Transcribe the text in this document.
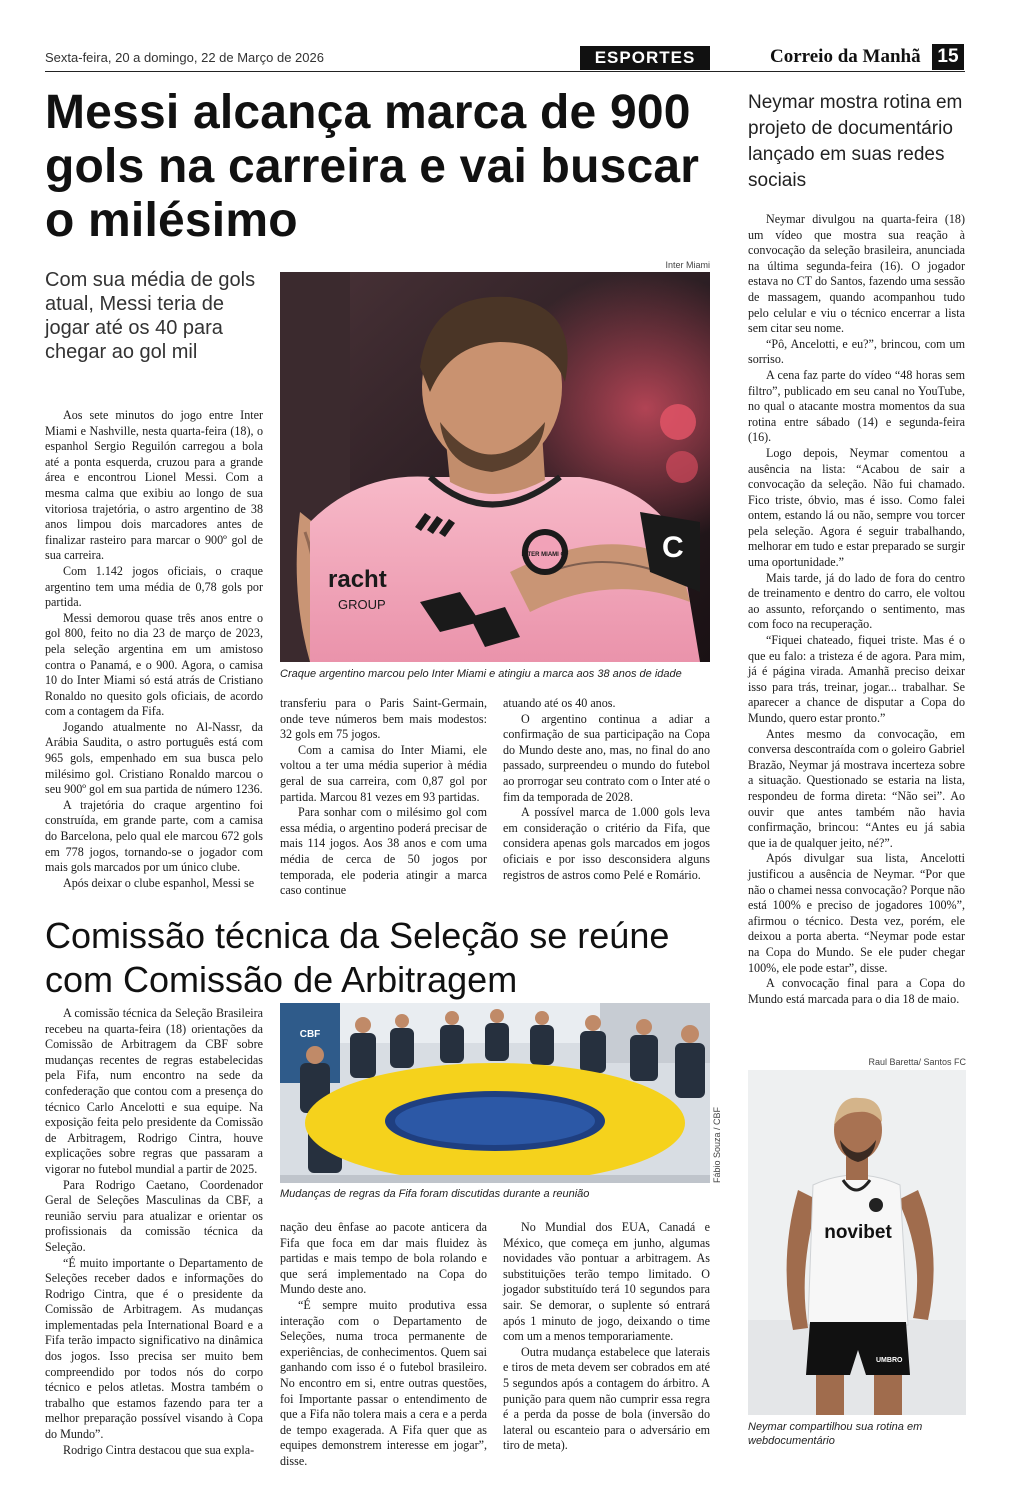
Sexta-feira, 20 a domingo, 22 de Março de 2026	ESPORTES	Correio da Manhã 15
Messi alcança marca de 900 gols na carreira e vai buscar o milésimo
Com sua média de gols atual, Messi teria de jogar até os 40 para chegar ao gol mil

Aos sete minutos do jogo entre Inter Miami e Nashville, nesta quarta-feira (18), o espanhol Sergio Reguilón carregou a bola até a ponta esquerda, cruzou para a grande área e encontrou Lionel Messi. Com a mesma calma que exibiu ao longo de sua vitoriosa trajetória, o astro argentino de 38 anos limpou dois marcadores antes de finalizar rasteiro para marcar o 900º gol de sua carreira.

Com 1.142 jogos oficiais, o craque argentino tem uma média de 0,78 gols por partida.

Messi demorou quase três anos entre o gol 800, feito no dia 23 de março de 2023, pela seleção argentina em um amistoso contra o Panamá, e o 900. Agora, o camisa 10 do Inter Miami só está atrás de Cristiano Ronaldo no quesito gols oficiais, de acordo com a contagem da Fifa.

Jogando atualmente no Al-Nassr, da Arábia Saudita, o astro português está com 965 gols, empenhado em sua busca pelo milésimo gol. Cristiano Ronaldo marcou o seu 900º gol em sua partida de número 1236.

A trajetória do craque argentino foi construída, em grande parte, com a camisa do Barcelona, pelo qual ele marcou 672 gols em 778 jogos, tornando-se o jogador com mais gols marcados por um único clube.

Após deixar o clube espanhol, Messi se

Inter Miami
C
INTER MIAMI CF
racht
GROUP
Craque argentino marcou pelo Inter Miami e atingiu a marca aos 38 anos de idade

transferiu para o Paris Saint-Germain, onde teve números bem mais modestos: 32 gols em 75 jogos.

Com a camisa do Inter Miami, ele voltou a ter uma média superior à média geral de sua carreira, com 0,87 gol por partida. Marcou 81 vezes em 93 partidas.

Para sonhar com o milésimo gol com essa média, o argentino poderá precisar de mais 114 jogos. Aos 38 anos e com uma média de cerca de 50 jogos por temporada, ele poderia atingir a marca caso continue

atuando até os 40 anos.

O argentino continua a adiar a confirmação de sua participação na Copa do Mundo deste ano, mas, no final do ano passado, surpreendeu o mundo do futebol ao prorrogar seu contrato com o Inter até o fim da temporada de 2028.

A possível marca de 1.000 gols leva em consideração o critério da Fifa, que considera apenas gols marcados em jogos oficiais e por isso desconsidera alguns registros de astros como Pelé e Romário.

Comissão técnica da Seleção se reúne com Comissão de Arbitragem

A comissão técnica da Seleção Brasileira recebeu na quarta-feira (18) orientações da Comissão de Arbitragem da CBF sobre mudanças recentes de regras estabelecidas pela Fifa, num encontro na sede da confederação que contou com a presença do técnico Carlo Ancelotti e sua equipe. Na exposição feita pelo presidente da Comissão de Arbitragem, Rodrigo Cintra, houve explicações sobre regras que passaram a vigorar no futebol mundial a partir de 2025.

Para Rodrigo Caetano, Coordenador Geral de Seleções Masculinas da CBF, a reunião serviu para atualizar e orientar os profissionais da comissão técnica da Seleção.

“É muito importante o Departamento de Seleções receber dados e informações do Rodrigo Cintra, que é o presidente da Comissão de Arbitragem. As mudanças implementadas pela International Board e a Fifa terão impacto significativo na dinâmica dos jogos. Isso precisa ser muito bem compreendido por todos nós do corpo técnico e pelos atletas. Mostra também o trabalho que estamos fazendo para ter a melhor preparação possível visando à Copa do Mundo”.

Rodrigo Cintra destacou que sua expla-

CBF
Fábio Souza / CBF
Mudanças de regras da Fifa foram discutidas durante a reunião

nação deu ênfase ao pacote anticera da Fifa que foca em dar mais fluidez às partidas e mais tempo de bola rolando e que será implementado na Copa do Mundo deste ano.

“É sempre muito produtiva essa interação com o Departamento de Seleções, numa troca permanente de experiências, de conhecimentos. Quem sai ganhando com isso é o futebol brasileiro. No encontro em si, entre outras questões, foi Importante passar o entendimento de que a Fifa não tolera mais a cera e a perda de tempo exagerada. A Fifa quer que as equipes demonstrem interesse em jogar”, disse.

No Mundial dos EUA, Canadá e México, que começa em junho, algumas novidades vão pontuar a arbitragem. As substituições terão tempo limitado. O jogador substituído terá 10 segundos para sair. Se demorar, o suplente só entrará após 1 minuto de jogo, deixando o time com um a menos temporariamente.

Outra mudança estabelece que laterais e tiros de meta devem ser cobrados em até 5 segundos após a contagem do árbitro. A punição para quem não cumprir essa regra é a perda da posse de bola (inversão do lateral ou escanteio para o adversário em tiro de meta).

Neymar mostra rotina em projeto de documentário lançado em suas redes sociais

Neymar divulgou na quarta-feira (18) um vídeo que mostra sua reação à convocação da seleção brasileira, anunciada na última segunda-feira (16). O jogador estava no CT do Santos, fazendo uma sessão de massagem, quando acompanhou tudo pelo celular e viu o técnico encerrar a lista sem citar seu nome.

“Pô, Ancelotti, e eu?”, brincou, com um sorriso.

A cena faz parte do vídeo “48 horas sem filtro”, publicado em seu canal no YouTube, no qual o atacante mostra momentos da sua rotina entre sábado (14) e segunda-feira (16).

Logo depois, Neymar comentou a ausência na lista: “Acabou de sair a convocação da seleção. Não fui chamado. Fico triste, óbvio, mas é isso. Como falei ontem, estando lá ou não, sempre vou torcer pela seleção. Agora é seguir trabalhando, melhorar em tudo e estar preparado se surgir uma oportunidade.”

Mais tarde, já do lado de fora do centro de treinamento e dentro do carro, ele voltou ao assunto, reforçando o sentimento, mas com foco na recuperação.

“Fiquei chateado, fiquei triste. Mas é o que eu falo: a tristeza é de agora. Para mim, já é página virada. Amanhã preciso deixar isso para trás, treinar, jogar... trabalhar. Se aparecer a chance de disputar a Copa do Mundo, quero estar pronto.”

Antes mesmo da convocação, em conversa descontraída com o goleiro Gabriel Brazão, Neymar já mostrava incerteza sobre a situação. Questionado se estaria na lista, respondeu de forma direta: “Não sei”. Ao ouvir que antes também não havia confirmação, brincou: “Antes eu já sabia que ia de qualquer jeito, né?”.

Após divulgar sua lista, Ancelotti justificou a ausência de Neymar. “Por que não o chamei nessa convocação? Porque não está 100% e preciso de jogadores 100%”, afirmou o técnico. Desta vez, porém, ele deixou a porta aberta. “Neymar pode estar na Copa do Mundo. Se ele puder chegar 100%, ele pode estar”, disse.

A convocação final para a Copa do Mundo está marcada para o dia 18 de maio.

Raul Baretta/ Santos FC
novibet
UMBRO
Neymar compartilhou sua rotina em webdocumentário
